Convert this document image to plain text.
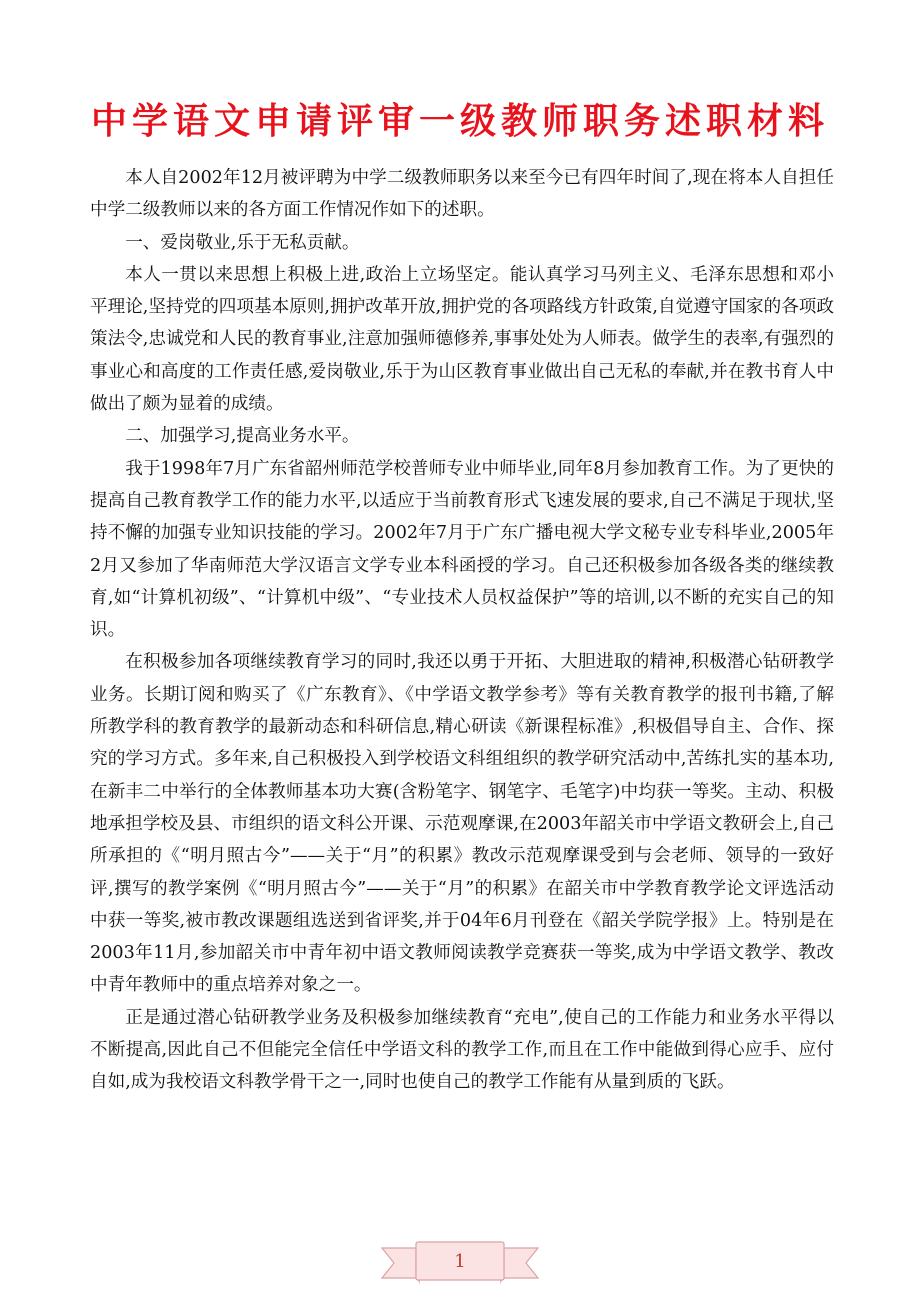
中学语文申请评审一级教师职务述职材料

本人自2002年12月被评聘为中学二级教师职务以来至今已有四年时间了,现在将本人自担任中学二级教师以来的各方面工作情况作如下的述职。

一、爱岗敬业,乐于无私贡献。

本人一贯以来思想上积极上进,政治上立场坚定。能认真学习马列主义、毛泽东思想和邓小平理论,坚持党的四项基本原则,拥护改革开放,拥护党的各项路线方针政策,自觉遵守国家的各项政策法令,忠诚党和人民的教育事业,注意加强师德修养,事事处处为人师表。做学生的表率,有强烈的事业心和高度的工作责任感,爱岗敬业,乐于为山区教育事业做出自己无私的奉献,并在教书育人中做出了颇为显着的成绩。

二、加强学习,提高业务水平。

我于1998年7月广东省韶州师范学校普师专业中师毕业,同年8月参加教育工作。为了更快的提高自己教育教学工作的能力水平,以适应于当前教育形式飞速发展的要求,自己不满足于现状,坚持不懈的加强专业知识技能的学习。2002年7月于广东广播电视大学文秘专业专科毕业,2005年2月又参加了华南师范大学汉语言文学专业本科函授的学习。自己还积极参加各级各类的继续教育,如“计算机初级”、“计算机中级”、“专业技术人员权益保护”等的培训,以不断的充实自己的知识。

在积极参加各项继续教育学习的同时,我还以勇于开拓、大胆进取的精神,积极潜心钻研教学业务。长期订阅和购买了《广东教育》、《中学语文教学参考》等有关教育教学的报刊书籍,了解所教学科的教育教学的最新动态和科研信息,精心研读《新课程标准》,积极倡导自主、合作、探究的学习方式。多年来,自己积极投入到学校语文科组组织的教学研究活动中,苦练扎实的基本功,在新丰二中举行的全体教师基本功大赛(含粉笔字、钢笔字、毛笔字)中均获一等奖。主动、积极地承担学校及县、市组织的语文科公开课、示范观摩课,在2003年韶关市中学语文教研会上,自己所承担的《“明月照古今”——关于“月”的积累》教改示范观摩课受到与会老师、领导的一致好评,撰写的教学案例《“明月照古今”——关于“月”的积累》在韶关市中学教育教学论文评选活动中获一等奖,被市教改课题组选送到省评奖,并于04年6月刊登在《韶关学院学报》上。特别是在2003年11月,参加韶关市中青年初中语文教师阅读教学竞赛获一等奖,成为中学语文教学、教改中青年教师中的重点培养对象之一。

正是通过潜心钻研教学业务及积极参加继续教育“充电”,使自己的工作能力和业务水平得以不断提高,因此自己不但能完全信任中学语文科的教学工作,而且在工作中能做到得心应手、应付自如,成为我校语文科教学骨干之一,同时也使自己的教学工作能有从量到质的飞跃。

1
